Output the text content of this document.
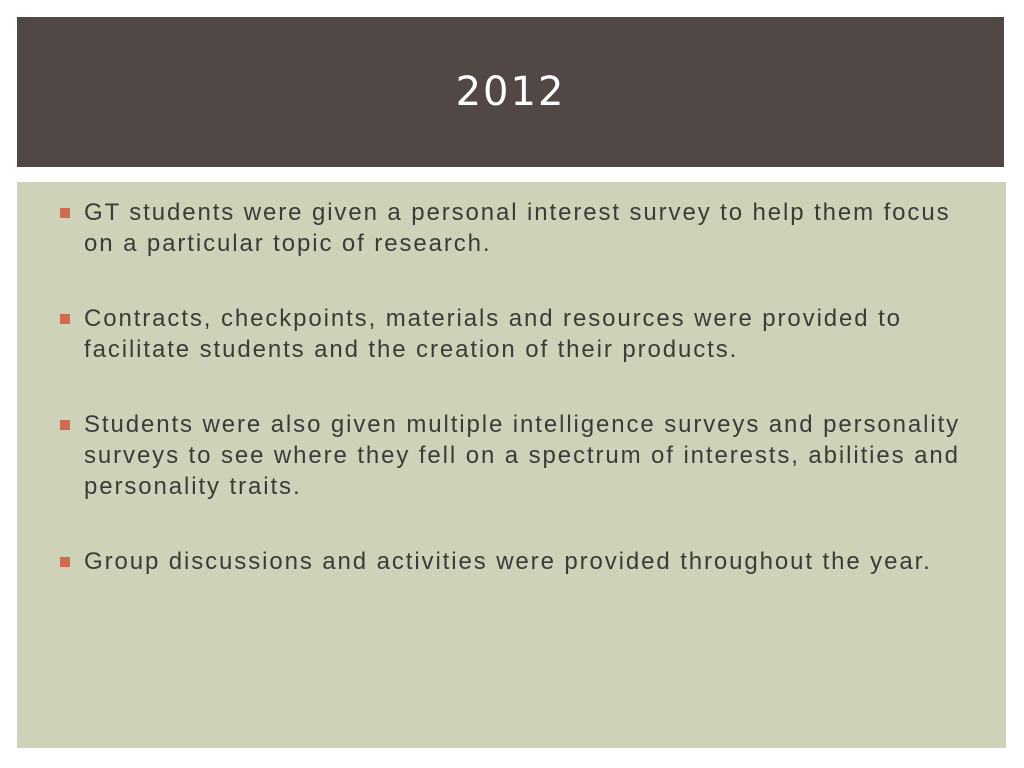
2012
GT students were given a personal interest survey to help them focus on a particular topic of research.
Contracts, checkpoints, materials and resources were provided to facilitate students and the creation of their products.
Students were also given multiple intelligence surveys and personality surveys to see where they fell on a spectrum of interests, abilities and personality traits.
Group discussions and activities were provided throughout the year.
